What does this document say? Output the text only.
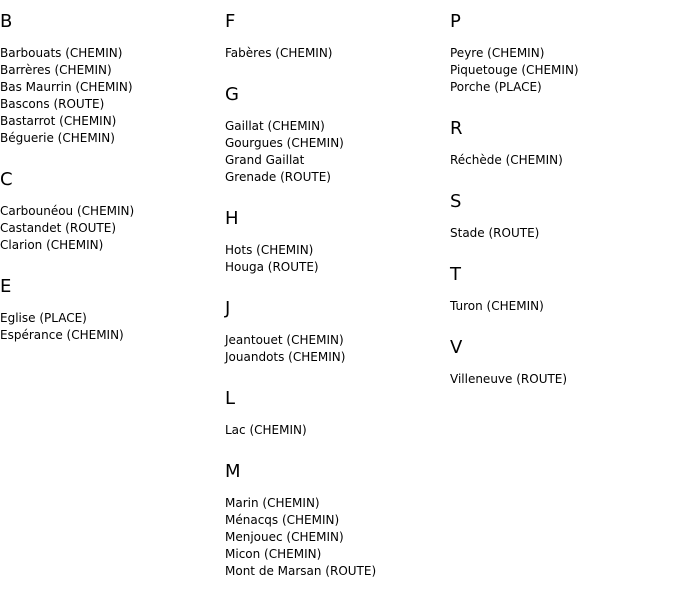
B
Barbouats (CHEMIN)
Barrères (CHEMIN)
Bas Maurrin (CHEMIN)
Bascons (ROUTE)
Bastarrot (CHEMIN)
Béguerie (CHEMIN)
C
Carbounéou (CHEMIN)
Castandet (ROUTE)
Clarion (CHEMIN)
E
Eglise (PLACE)
Espérance (CHEMIN)
F
Fabères (CHEMIN)
G
Gaillat (CHEMIN)
Gourgues (CHEMIN)
Grand Gaillat
Grenade (ROUTE)
H
Hots (CHEMIN)
Houga (ROUTE)
J
Jeantouet (CHEMIN)
Jouandots (CHEMIN)
L
Lac (CHEMIN)
M
Marin (CHEMIN)
Ménacqs (CHEMIN)
Menjouec (CHEMIN)
Micon (CHEMIN)
Mont de Marsan (ROUTE)
P
Peyre (CHEMIN)
Piquetouge (CHEMIN)
Porche (PLACE)
R
Réchède (CHEMIN)
S
Stade (ROUTE)
T
Turon (CHEMIN)
V
Villeneuve (ROUTE)
